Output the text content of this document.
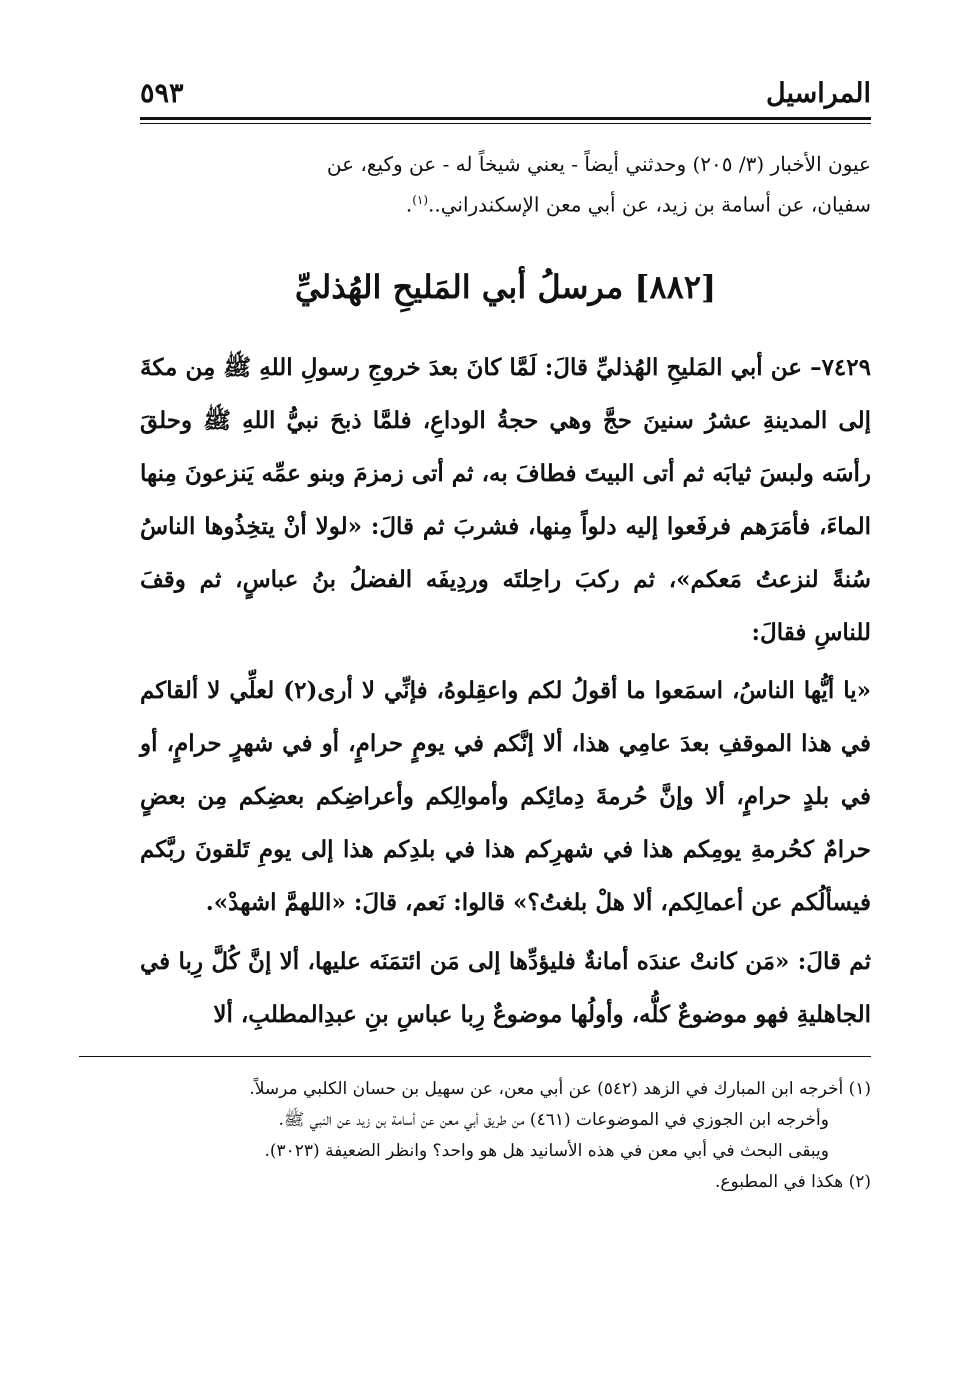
المراسيل
٥٩٣

عيون الأخبار (٣/ ٢٠٥) وحدثني أيضاً - يعني شيخاً له - عن وكيع، عن

سفيان، عن أسامة بن زيد، عن أبي معن الإسكندراني..$^{(١)}$.

[٨٨٢] مرسلُ أبي المَليحِ الهُذليِّ

٧٤٢٩– عن أبي المَليحِ الهُذليِّ قالَ: لَمَّا كانَ بعدَ خروجِ رسولِ اللهِ ﷺ مِن مكةَ إلى المدينةِ عشرُ سنينَ حجَّ وهي حجةُ الوداعِ، فلمَّا ذبحَ نبيُّ اللهِ ﷺ وحلقَ رأسَه ولبسَ ثيابَه ثم أتى البيتَ فطافَ به، ثم أتى زمزمَ وبنو عمِّه يَنزعونَ مِنها الماءَ، فأمَرَهم فرفَعوا إليه دلواً مِنها، فشربَ ثم قالَ: «لولا أنْ يتخِذُوها الناسُ سُنةً لنزعتُ مَعكم»، ثم ركبَ راحِلتَه وردِيفَه الفضلُ بنُ عباسٍ، ثم وقفَ للناسِ فقالَ:

«يا أيُّها الناسُ، اسمَعوا ما أقولُ لكم واعقِلوهُ، فإنِّي لا أرى(٢) لعلِّي لا ألقاكم في هذا الموقفِ بعدَ عامِي هذا، ألا إنَّكم في يومٍ حرامٍ، أو في شهرٍ حرامٍ، أو في بلدٍ حرامٍ، ألا وإنَّ حُرمةَ دِمائِكم وأموالِكم وأعراضِكم بعضِكم مِن بعضٍ حرامٌ كحُرمةِ يومِكم هذا في شهرِكم هذا في بلدِكم هذا إلى يومِ تَلقونَ ربَّكم فيسألُكم عن أعمالِكم، ألا هلْ بلغتُ؟» قالوا: نَعم، قالَ: «اللهمَّ اشهدْ».

ثم قالَ: «مَن كانتْ عندَه أمانةٌ فليؤدِّها إلى مَن ائتمَنَه عليها، ألا إنَّ كُلَّ رِبا في الجاهليةِ فهو موضوعٌ كلُّه، وأولُها موضوعٌ رِبا عباسِ بنِ عبدِالمطلبِ، ألا

(١) أخرجه ابن المبارك في الزهد (٥٤٢) عن أبي معن، عن سهيل بن حسان الكلبي مرسلاً.

وأخرجه ابن الجوزي في الموضوعات (٤٦١) من طريق أبي معن عن أسامة بن زيد عن النبي ﷺ.

ويبقى البحث في أبي معن في هذه الأسانيد هل هو واحد؟ وانظر الضعيفة (٣٠٢٣).

(٢) هكذا في المطبوع.
